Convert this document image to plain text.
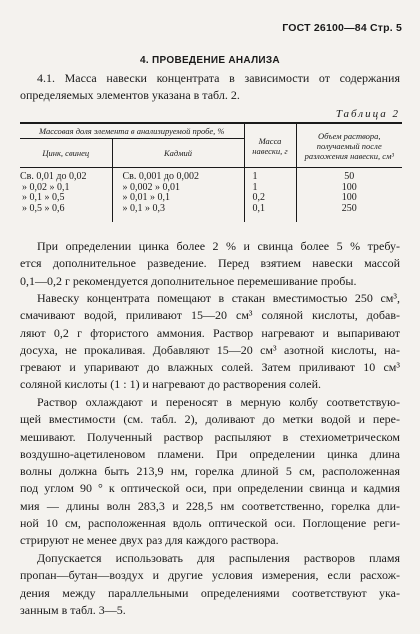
ГОСТ 26100—84 Стр. 5
4. ПРОВЕДЕНИЕ АНАЛИЗА
4.1. Масса навески концентрата в зависимости от содержания
определяемых элементов указана в табл. 2.
Таблица 2
Массовая доля элемента в анализируемой пробе, %		Масса навески, г	Объем раствора, получаемый после разложения навески, см³
Цинк, свинец	Кадмий		
Св. 0,01 до 0,02	Св. 0,001 до 0,002	1	50
» 0,02 » 0,1	» 0,002 » 0,01	1	100
» 0,1 » 0,5	» 0,01 » 0,1	0,2	100
» 0,5 » 0,6	» 0,1 » 0,3	0,1	250
При определении цинка более 2 % и свинца более 5 % требу-
ется дополнительное разведение. Перед взятием навески массой
0,1—0,2 г рекомендуется дополнительное перемешивание пробы.
Навеску концентрата помещают в стакан вместимостью 250 см³,
смачивают водой, приливают 15—20 см³ соляной кислоты, добав-
ляют 0,2 г фтористого аммония. Раствор нагревают и выпаривают
досуха, не прокаливая. Добавляют 15—20 см³ азотной кислоты, на-
гревают и упаривают до влажных солей. Затем приливают 10 см³
соляной кислоты (1 : 1) и нагревают до растворения солей.
Раствор охлаждают и переносят в мерную колбу соответствую-
щей вместимости (см. табл. 2), доливают до метки водой и пере-
мешивают. Полученный раствор распыляют в стехиометрическом
воздушно-ацетиленовом пламени. При определении цинка длина
волны должна быть 213,9 нм, горелка длиной 5 см, расположенная
под углом 90 ° к оптической оси, при определении свинца и кадмия
мия — длины волн 283,3 и 228,5 нм соответственно, горелка дли-
ной 10 см, расположенная вдоль оптической оси. Поглощение реги-
стрируют не менее двух раз для каждого раствора.
Допускается использовать для распыления растворов пламя
пропан—бутан—воздух и другие условия измерения, если расхож-
дения между параллельными определениями соответствуют ука-
занным в табл. 3—5.
